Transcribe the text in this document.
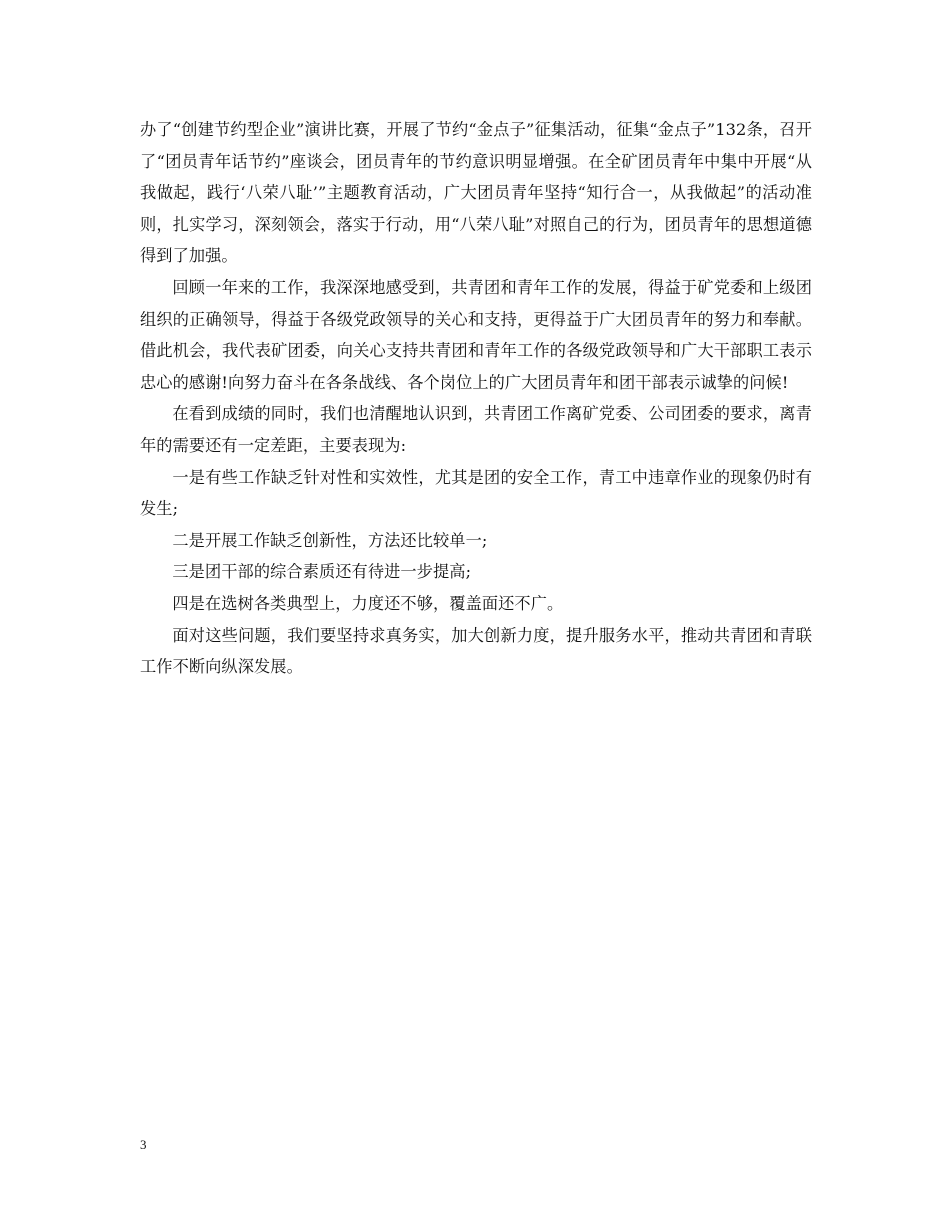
办了“创建节约型企业”演讲比赛，开展了节约“金点子”征集活动，征集“金点子”132条，召开了“团员青年话节约”座谈会，团员青年的节约意识明显增强。在全矿团员青年中集中开展“从我做起，践行‘八荣八耻’”主题教育活动，广大团员青年坚持“知行合一，从我做起”的活动准则，扎实学习，深刻领会，落实于行动，用“八荣八耻”对照自己的行为，团员青年的思想道德得到了加强。

回顾一年来的工作，我深深地感受到，共青团和青年工作的发展，得益于矿党委和上级团组织的正确领导，得益于各级党政领导的关心和支持，更得益于广大团员青年的努力和奉献。借此机会，我代表矿团委，向关心支持共青团和青年工作的各级党政领导和广大干部职工表示忠心的感谢!向努力奋斗在各条战线、各个岗位上的广大团员青年和团干部表示诚挚的问候!

在看到成绩的同时，我们也清醒地认识到，共青团工作离矿党委、公司团委的要求，离青年的需要还有一定差距，主要表现为:

一是有些工作缺乏针对性和实效性，尤其是团的安全工作，青工中违章作业的现象仍时有发生;

二是开展工作缺乏创新性，方法还比较单一;

三是团干部的综合素质还有待进一步提高;

四是在选树各类典型上，力度还不够，覆盖面还不广。

面对这些问题，我们要坚持求真务实，加大创新力度，提升服务水平，推动共青团和青联工作不断向纵深发展。

3
